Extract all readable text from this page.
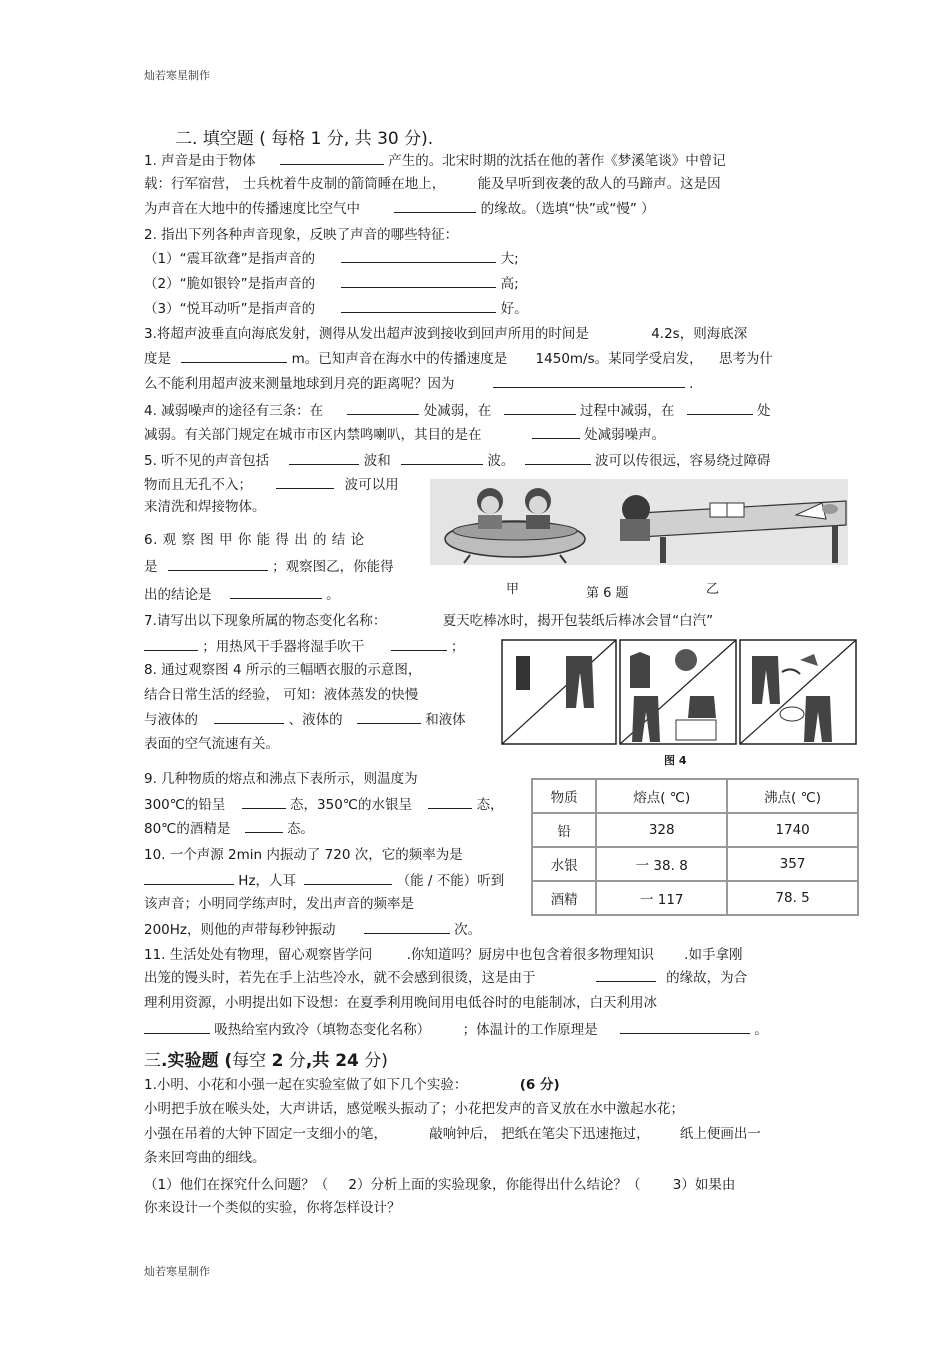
灿若寒星制作
灿若寒星制作
二. 填空题 ( 每格 1 分, 共 30 分).
1. 声音是由于物体	产生的。北宋时期的沈括在他的著作《梦溪笔谈》中曾记
载：行军宿营， 士兵枕着牛皮制的箭筒睡在地上， 能及早听到夜袭的敌人的马蹄声。这是因
为声音在大地中的传播速度比空气中	的缘故。（选填“快”或“慢” ）
2. 指出下列各种声音现象，反映了声音的哪些特征：
（1）“震耳欲聋”是指声音的	大;
（2）“脆如银铃”是指声音的	高;
（3）“悦耳动听”是指声音的	好。
3.将超声波垂直向海底发射，测得从发出超声波到接收到回声所用的时间是	4.2s，则海底深
度是	m。已知声音在海水中的传播速度是 1450m/s。某同学受启发， 思考为什
么不能利用超声波来测量地球到月亮的距离呢？因为	.
4. 减弱噪声的途径有三条：在	处减弱，在	过程中减弱，在	处
减弱。有关部门规定在城市市区内禁鸣喇叭，其目的是在	处减弱噪声。
5. 听不见的声音包括	波和	波。	波可以传很远，容易绕过障碍
物而且无孔不入；	波可以用
来清洗和焊接物体。
6. 观 察 图 甲 你 能 得 出 的 结 论
是	；观察图乙，你能得
出的结论是	。	甲	第 6 题	乙
7.请写出以下现象所属的物态变化名称：	夏天吃棒冰时，揭开包装纸后棒冰会冒“白汽”
；用热风干手器将湿手吹干	；
图 4
8. 通过观察图 4 所示的三幅晒衣服的示意图，
结合日常生活的经验， 可知：液体蒸发的快慢
与液体的	、液体的	和液体
表面的空气流速有关。
9. 几种物质的熔点和沸点下表所示，则温度为
300℃的铅呈	态，350℃的水银呈	态，
80℃的酒精是	态。
物质	熔点( ℃)	沸点( ℃)
铅	328	1740
水银	一 38. 8	357
酒精	一 117	78. 5
10. 一个声源 2min 内振动了 720 次，它的频率为是
Hz，人耳	（能 / 不能）听到
该声音；小明同学练声时，发出声音的频率是
200Hz，则他的声带每秒钟振动	次。
11. 生活处处有物理，留心观察皆学问	.你知道吗？厨房中也包含着很多物理知识 .如手拿刚
出笼的馒头时，若先在手上沾些冷水，就不会感到很烫，这是由于	的缘故，为合
理利用资源，小明提出如下设想：在夏季利用晚间用电低谷时的电能制冰，白天利用冰
吸热给室内致冷（填物态变化名称） ；体温计的工作原理是	。
三.实验题 (每空 2 分,共 24 分)
1.小明、小花和小强一起在实验室做了如下几个实验：	(6 分)
小明把手放在喉头处，大声讲话，感觉喉头振动了；小花把发声的音叉放在水中激起水花；
小强在吊着的大钟下固定一支细小的笔，	敲响钟后， 把纸在笔尖下迅速拖过， 纸上便画出一
条来回弯曲的细线。
（1）他们在探究什么问题？（ 2）分析上面的实验现象，你能得出什么结论？（ 3）如果由
你来设计一个类似的实验，你将怎样设计？
